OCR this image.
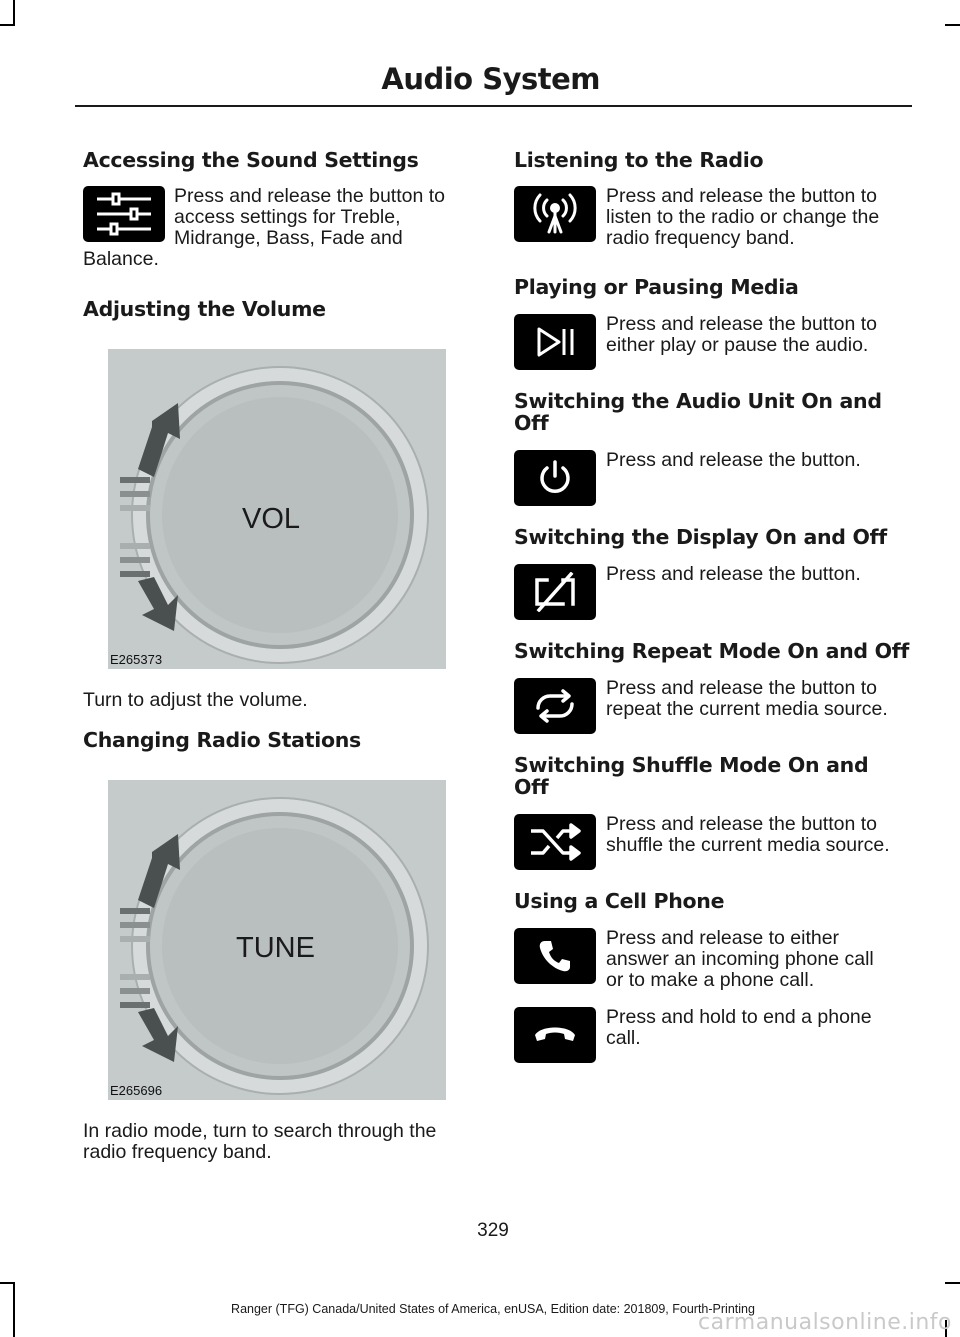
Audio System
Accessing the Sound Settings

Press and release the button to

access settings for Treble,

Midrange, Bass, Fade and

Balance.

Adjusting the Volume
VOL
E265373

Turn to adjust the volume.

Changing Radio Stations
TUNE
E265696

In radio mode, turn to search through the

radio frequency band.

Listening to the Radio

Press and release the button to

listen to the radio or change the

radio frequency band.

Playing or Pausing Media

Press and release the button to

either play or pause the audio.

Switching the Audio Unit On and
Off

Press and release the button.

Switching the Display On and Off

Press and release the button.

Switching Repeat Mode On and Off

Press and release the button to

repeat the current media source.

Switching Shuffle Mode On and
Off

Press and release the button to

shuffle the current media source.

Using a Cell Phone

Press and release to either

answer an incoming phone call

or to make a phone call.

Press and hold to end a phone

call.

329
Ranger (TFG) Canada/United States of America, enUSA, Edition date: 201809, Fourth-Printing
carmanualsonline.info
